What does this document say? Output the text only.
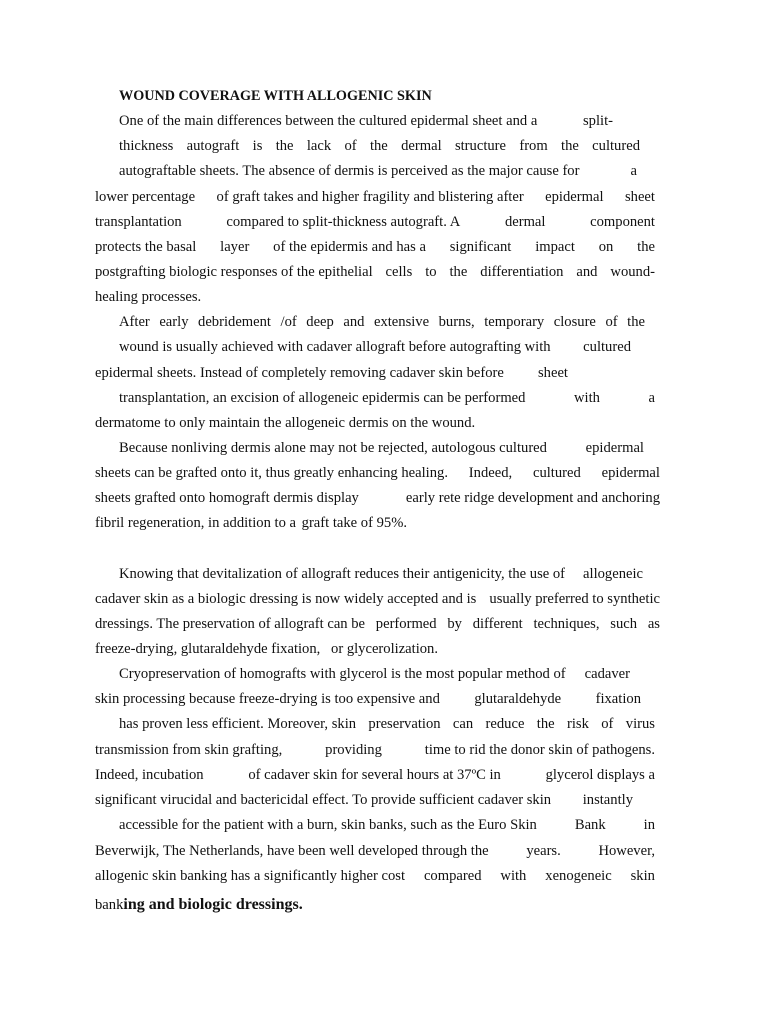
WOUND COVERAGE WITH ALLOGENIC SKIN
One of the main differences between the cultured epidermal sheet and a	split-
thickness autograft is the lack of the dermal structure from the cultured
autograftable sheets. The absence of dermis is perceived as the major cause for	a
lower percentage of graft takes and higher fragility and blistering after epidermal sheet
transplantation	compared to split-thickness autograft. A	dermal	component
protects the basal layer of the epidermis and has a significant impact on the
postgrafting biologic responses of the epithelial cells to the differentiation and wound-
healing processes.
After early debridement /of deep and extensive burns, temporary closure of the
wound is usually achieved with cadaver allograft before autografting with cultured
epidermal sheets. Instead of completely removing cadaver skin before sheet
transplantation, an excision of allogeneic epidermis can be performed	with	a
dermatome to only maintain the allogeneic dermis on the wound.
Because nonliving dermis alone may not be rejected, autologous cultured	epidermal
sheets can be grafted onto it, thus greatly enhancing healing. Indeed, cultured epidermal
sheets grafted onto homograft dermis display	early rete ridge development and anchoring
fibril regeneration, in addition to a graft take of 95%.
Knowing that devitalization of allograft reduces their antigenicity, the use of allogeneic
cadaver skin as a biologic dressing is now widely accepted and is usually preferred to synthetic
dressings. The preservation of allograft can be performed by different techniques, such as
freeze-drying, glutaraldehyde fixation, or glycerolization.
Cryopreservation of homografts with glycerol is the most popular method of cadaver
skin processing because freeze-drying is too expensive and glutaraldehyde fixation
has proven less efficient. Moreover, skin preservation can reduce the risk of virus
transmission from skin grafting,	providing	time to rid the donor skin of pathogens.
Indeed, incubation	of cadaver skin for several hours at 37ºC in	glycerol displays a
significant virucidal and bactericidal effect. To provide sufficient cadaver skin instantly
accessible for the patient with a burn, skin banks, such as the Euro Skin	Bank	in
Beverwijk, The Netherlands, have been well developed through the	years.	However,
allogenic skin banking has a significantly higher cost compared with xenogeneic skin
banking and biologic dressings.
